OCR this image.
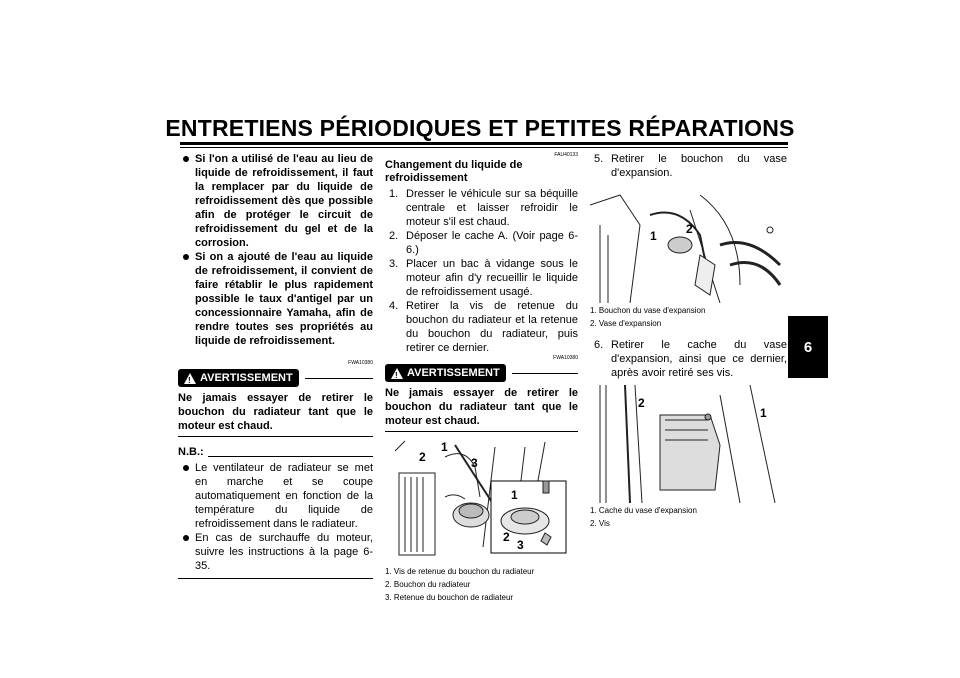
ENTRETIENS PÉRIODIQUES ET PETITES RÉPARATIONS
6
Si l'on a utilisé de l'eau au lieu de liquide de refroidissement, il faut la remplacer par du liquide de refroidissement dès que possible afin de protéger le circuit de refroidissement du gel et de la corrosion.
Si on a ajouté de l'eau au liquide de refroidissement, il convient de faire rétablir le plus rapidement possible le taux d'antigel par un concessionnaire Yamaha, afin de rendre toutes ses propriétés au liquide de refroidissement.
FWA10380
! AVERTISSEMENT
Ne jamais essayer de retirer le bouchon du radiateur tant que le moteur est chaud.
N.B.:
Le ventilateur de radiateur se met en marche et se coupe automatiquement en fonction de la température du liquide de refroidissement dans le radiateur.
En cas de surchauffe du moteur, suivre les instructions à la page 6-35.
FAU40133
Changement du liquide de refroidissement
1. Dresser le véhicule sur sa béquille centrale et laisser refroidir le moteur s'il est chaud.
2. Déposer le cache A. (Voir page 6-6.)
3. Placer un bac à vidange sous le moteur afin d'y recueillir le liquide de refroidissement usagé.
4. Retirer la vis de retenue du bouchon du radiateur et la retenue du bouchon du radiateur, puis retirer ce dernier.
FWA10380
! AVERTISSEMENT
Ne jamais essayer de retirer le bouchon du radiateur tant que le moteur est chaud.
1
2	3
1
2
3
1. Vis de retenue du bouchon du radiateur
2. Bouchon du radiateur
3. Retenue du bouchon de radiateur
5. Retirer le bouchon du vase d'expansion.
1 2
1. Bouchon du vase d'expansion
2. Vase d'expansion
6. Retirer le cache du vase d'expansion, ainsi que ce dernier, après avoir retiré ses vis.
2
1
1. Cache du vase d'expansion
2. Vis
